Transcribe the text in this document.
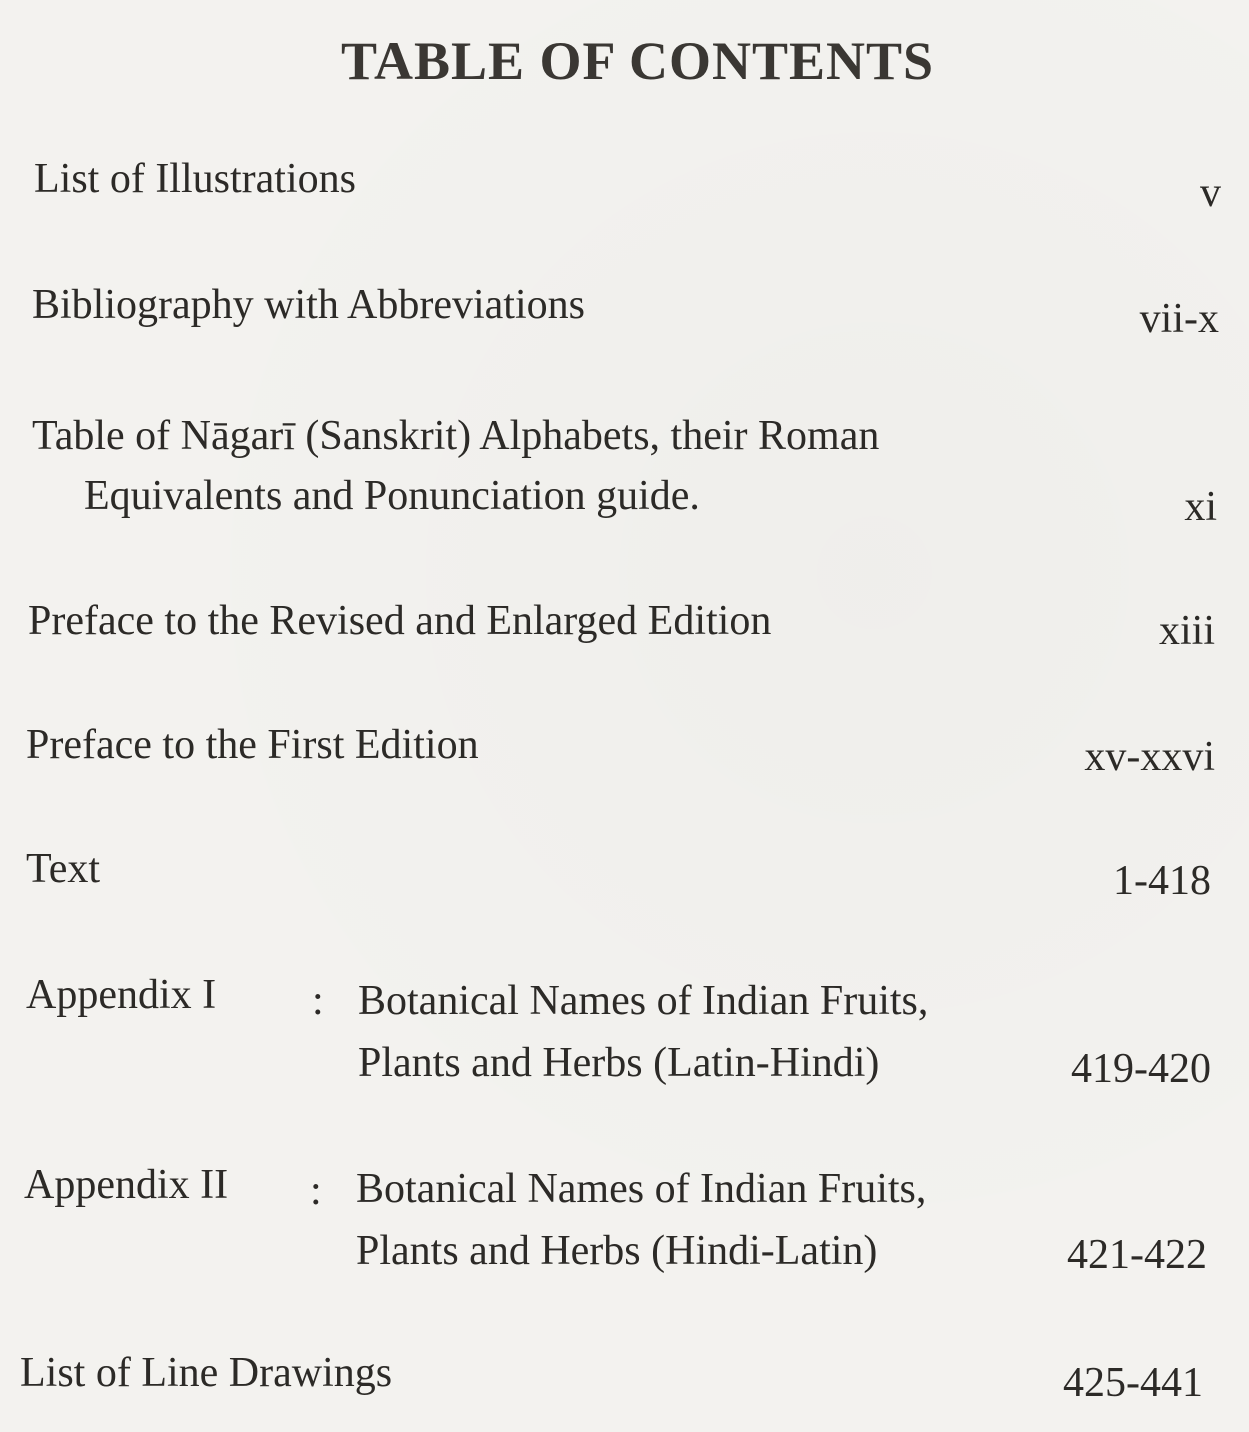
TABLE OF CONTENTS
List of Illustrations	v
Bibliography with Abbreviations	vii-x
Table of Nāgarī (Sanskrit) Alphabets, their Roman
Equivalents and Ponunciation guide.	xi
Preface to the Revised and Enlarged Edition	xiii
Preface to the First Edition	xv-xxvi
Text	1-418
Appendix I : Botanical Names of Indian Fruits,
Plants and Herbs (Latin-Hindi)	419-420
Appendix II : Botanical Names of Indian Fruits,
Plants and Herbs (Hindi-Latin)	421-422
List of Line Drawings	425-441
